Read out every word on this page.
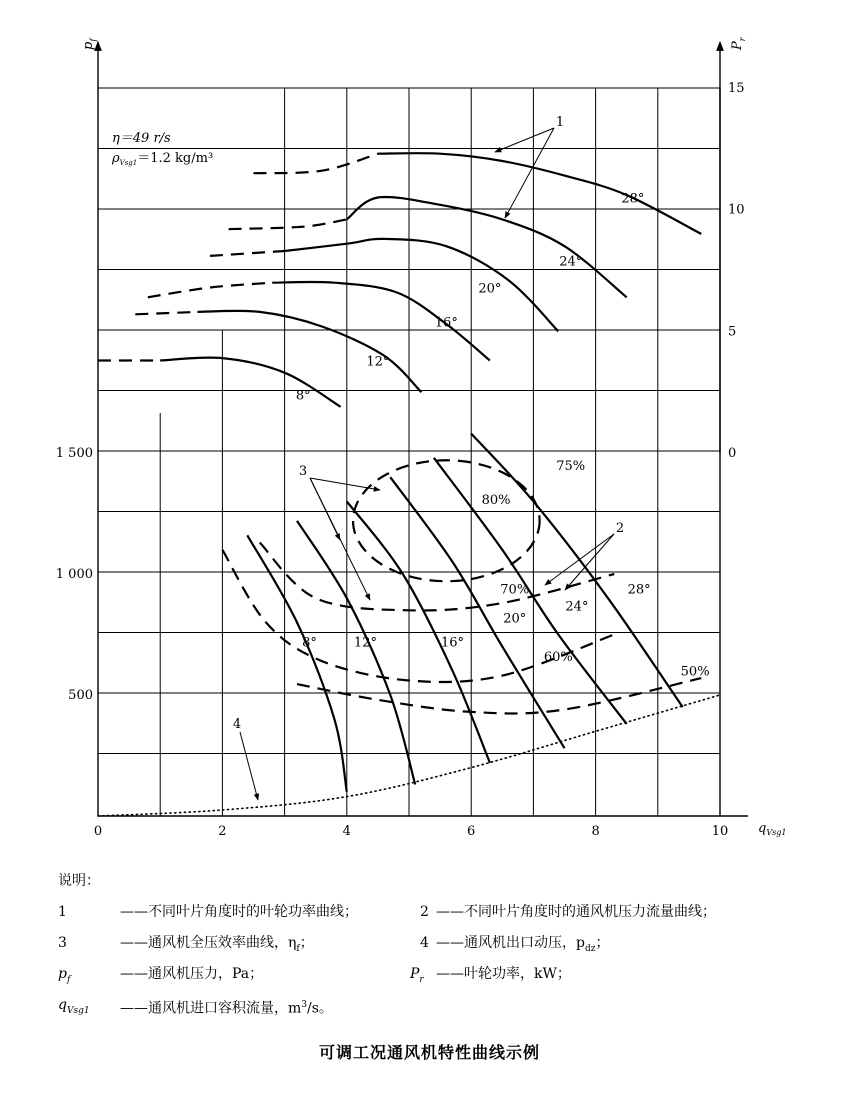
$p_f$
$P_r$
$q_{Vsg1}$
0	2	4	6	8	10
500
1 000
1 500	0
5
10
15
η＝49 r/s
$\rho_{Vsg1}=1.2$ kg/m³
8°
12°
16°
20°
24°
28°
8°	12°	16°
20°
24°
28°
75%
70%
60%
50%
80%
1
2
3
4
说明：
1	——不同叶片角度时的叶轮功率曲线；	2 ——不同叶片角度时的通风机压力流量曲线；
3	——通风机全压效率曲线，$\eta_f$；	4 ——通风机出口动压，$p_{dz}$；
$p_f$	——通风机压力，Pa；	$P_r$ ——叶轮功率，kW；
$q_{Vsg1}$ ——通风机进口容积流量，$m^3/s$。
可调工况通风机特性曲线示例
